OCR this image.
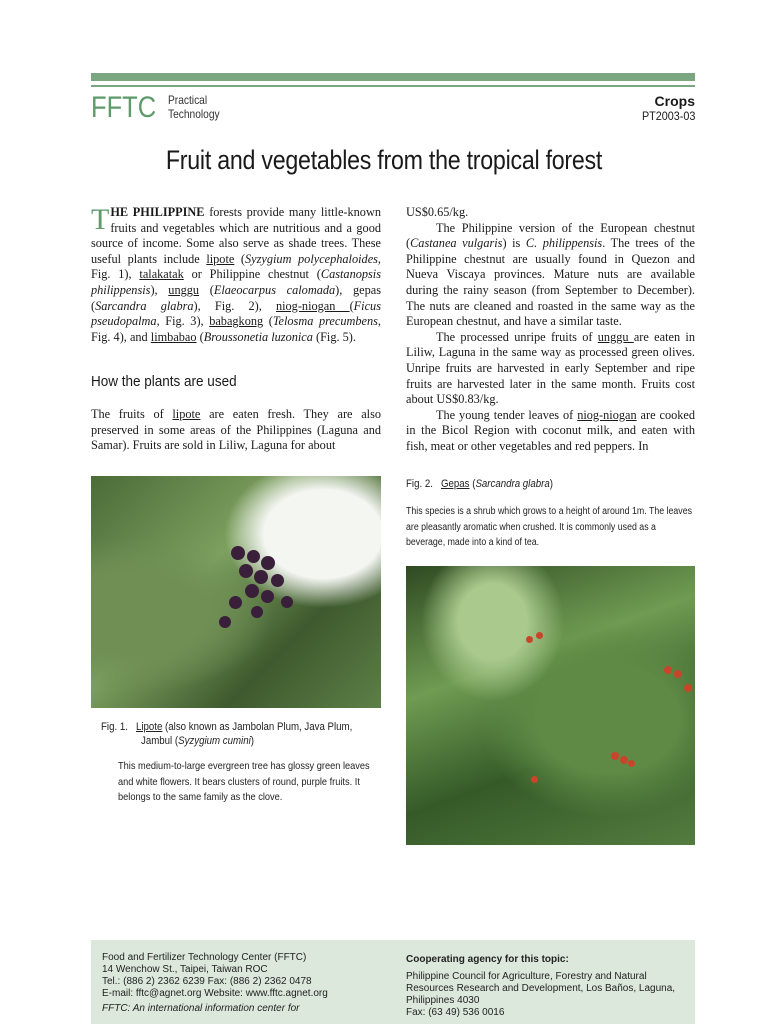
FFTC Practical
Technology
Crops
PT2003-03
Fruit and vegetables from the tropical forest

THE PHILIPPINE forests provide many little-known fruits and vegetables which are nutritious and a good source of income. Some also serve as shade trees. These useful plants include lipote (Syzygium polycephaloides, Fig. 1), talakatak or Philippine chestnut (Castanopsis philippensis), unggu (Elaeocarpus calomada), gepas (Sarcandra glabra), Fig. 2), niog-niogan (Ficus pseudopalma, Fig. 3), babagkong (Telosma precumbens, Fig. 4), and limbabao (Broussonetia luzonica (Fig. 5).

How the plants are used

The fruits of lipote are eaten fresh. They are also preserved in some areas of the Philippines (Laguna and Samar). Fruits are sold in Liliw, Laguna for about

US$0.65/kg.

The Philippine version of the European chestnut (Castanea vulgaris) is C. philippensis. The trees of the Philippine chestnut are usually found in Quezon and Nueva Viscaya provinces. Mature nuts are available during the rainy season (from September to December). The nuts are cleaned and roasted in the same way as the European chestnut, and have a similar taste.

The processed unripe fruits of unggu are eaten in Liliw, Laguna in the same way as processed green olives. Unripe fruits are harvested in early September and ripe fruits are harvested later in the same month. Fruits cost about US$0.83/kg.

The young tender leaves of niog-niogan are cooked in the Bicol Region with coconut milk, and eaten with fish, meat or other vegetables and red peppers. In

Fig. 1. Lipote (also known as Jambolan Plum, Java Plum,
Jambul (Syzygium cumini)
This medium-to-large evergreen tree has glossy green leaves and white flowers. It bears clusters of round, purple fruits. It belongs to the same family as the clove.
Fig. 2. Gepas (Sarcandra glabra)
This species is a shrub which grows to a height of around 1m. The leaves are pleasantly aromatic when crushed. It is commonly used as a beverage, made into a kind of tea.
Food and Fertilizer Technology Center (FFTC)
14 Wenchow St., Taipei, Taiwan ROC
Tel.: (886 2) 2362 6239 Fax: (886 2) 2362 0478
E-mail: fftc@agnet.org Website: www.fftc.agnet.org
FFTC: An international information center for
Cooperating agency for this topic:
Philippine Council for Agriculture, Forestry and Natural Resources Research and Development, Los Baños, Laguna, Philippines 4030
Fax: (63 49) 536 0016
